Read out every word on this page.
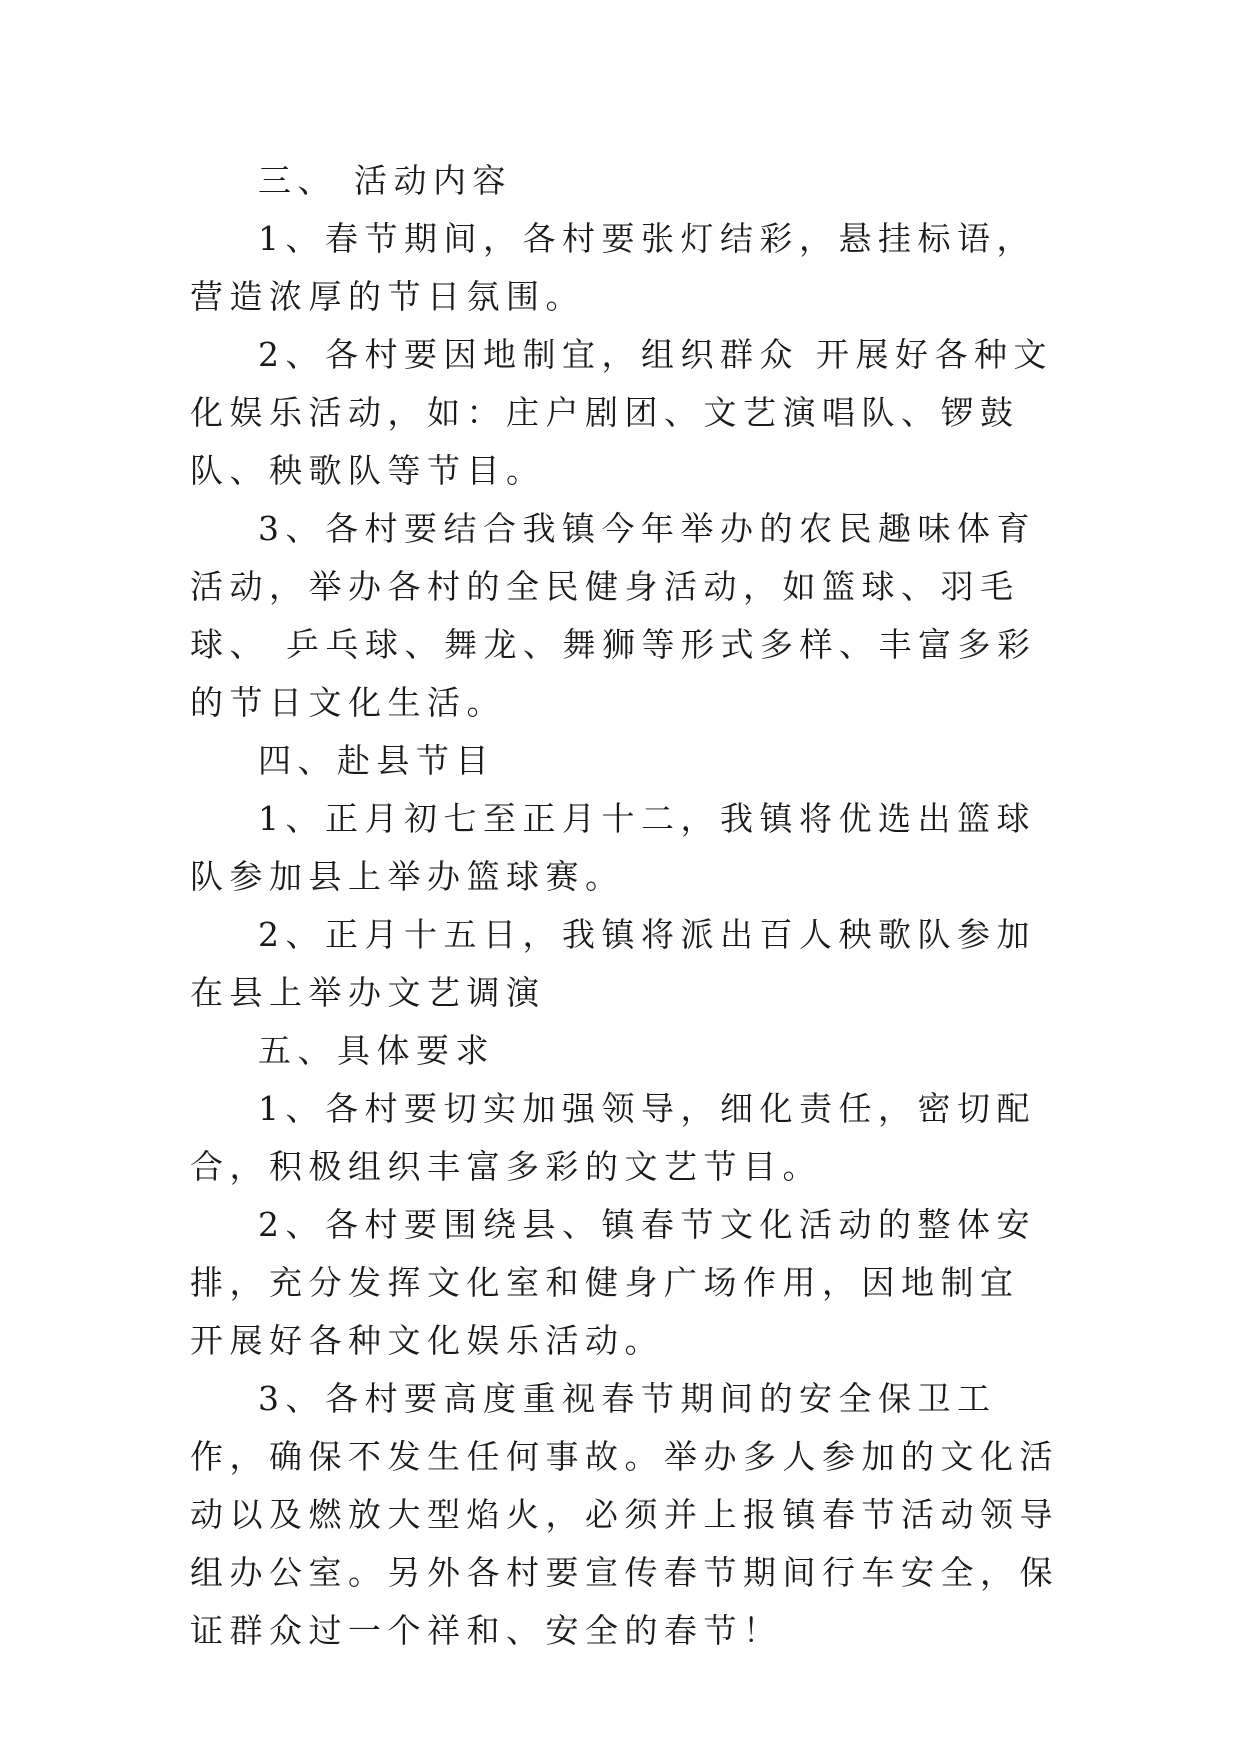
三、 活动内容

1、春节期间，各村要张灯结彩，悬挂标语，营造浓厚的节日氛围。

2、各村要因地制宜，组织群众 开展好各种文化娱乐活动，如：庄户剧团、文艺演唱队、锣鼓队、秧歌队等节目。

3、各村要结合我镇今年举办的农民趣味体育活动，举办各村的全民健身活动，如篮球、羽毛球、 乒乓球、舞龙、舞狮等形式多样、丰富多彩的节日文化生活。

四、赴县节目

1、正月初七至正月十二，我镇将优选出篮球队参加县上举办篮球赛。

2、正月十五日，我镇将派出百人秧歌队参加在县上举办文艺调演

五、具体要求

1、各村要切实加强领导，细化责任，密切配合，积极组织丰富多彩的文艺节目。

2、各村要围绕县、镇春节文化活动的整体安排，充分发挥文化室和健身广场作用，因地制宜 开展好各种文化娱乐活动。

3、各村要高度重视春节期间的安全保卫工作，确保不发生任何事故。举办多人参加的文化活动以及燃放大型焰火，必须并上报镇春节活动领导组办公室。另外各村要宣传春节期间行车安全，保证群众过一个祥和、安全的春节！
